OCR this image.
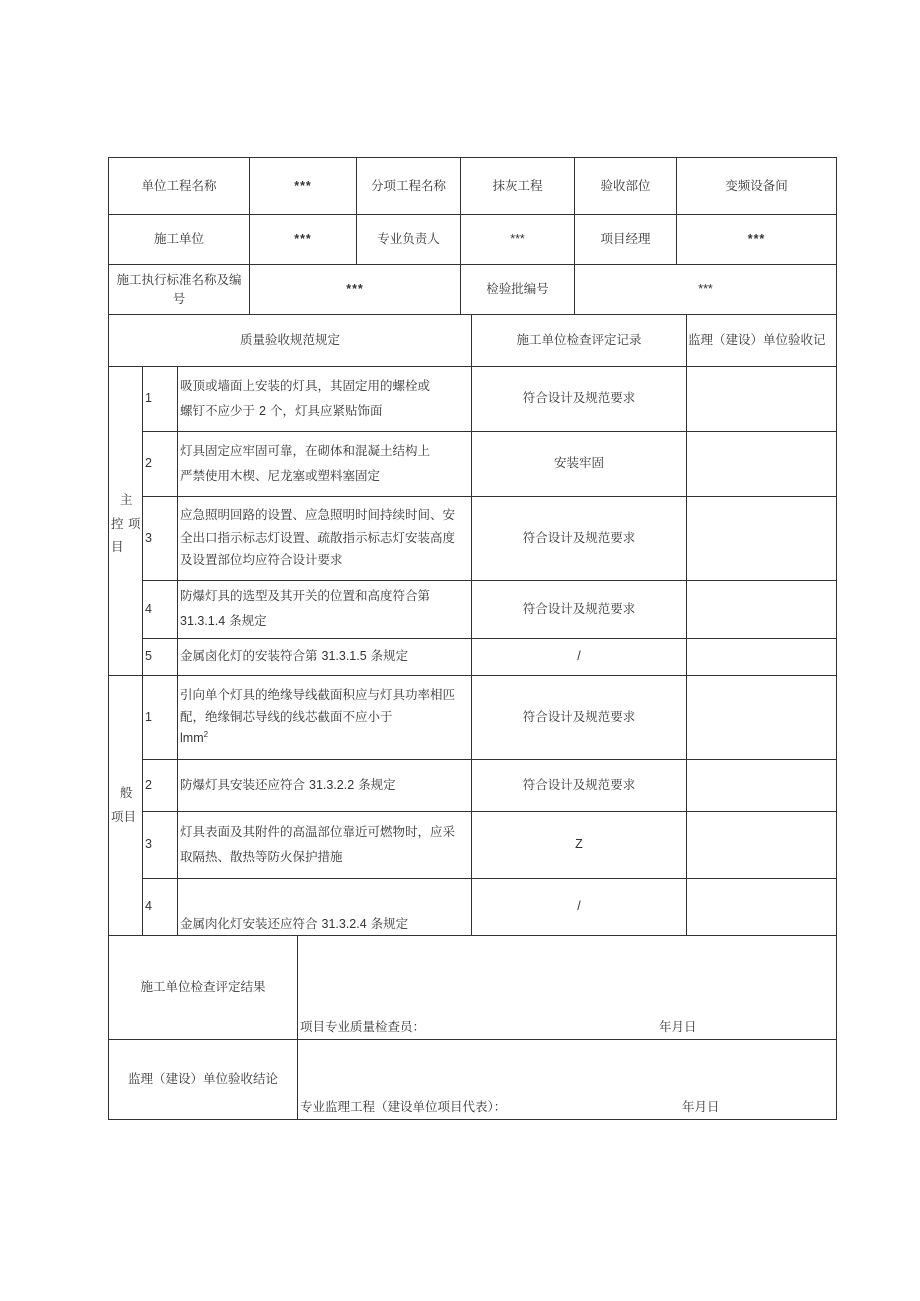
单位工程名称	***	分项工程名称	抹灰工程	验收部位	变频设备间
施工单位	***	专业负责人	***	项目经理	***
施工执行标准名称及编
号	***		检验批编号	***	
质量验收规范规定			施工单位检查评定记录	监理（建设）单位验收记

主
控 项
目	1	吸顶或墙面上安装的灯具，其固定用的螺栓或

螺钉不应少于 2 个，灯具应紧贴饰面	符合设计及规范要求	
	2	灯具固定应牢固可靠，在砌体和混凝土结构上

严禁使用木楔、尼龙塞或塑料塞固定	安装牢固	
	3	应急照明回路的设置、应急照明时间持续时间、安
全出口指示标志灯设置、疏散指示标志灯安装高度
及设置部位均应符合设计要求	符合设计及规范要求	
	4	防爆灯具的选型及其开关的位置和高度符合第

31.3.1.4 条规定	符合设计及规范要求	
	5	金属卤化灯的安装符合第 31.3.1.5 条规定	/	

般
项目	1	引向单个灯具的绝缘导线截面积应与灯具功率相匹
配，绝缘铜芯导线的线芯截面不应小于
lmm$^2$	符合设计及规范要求	
	2	防爆灯具安装还应符合 31.3.2.2 条规定	符合设计及规范要求	
	3	灯具表面及其附件的高温部位靠近可燃物时，应采

取隔热、散热等防火保护措施	Z	
	4	金属肉化灯安装还应符合 31.3.2.4 条规定	/	
施工单位检查评定结果	项目专业质量检查员： 年月日

监理（建设）单位验收结论	专业监理工程（建设单位项目代表）： 年月日
